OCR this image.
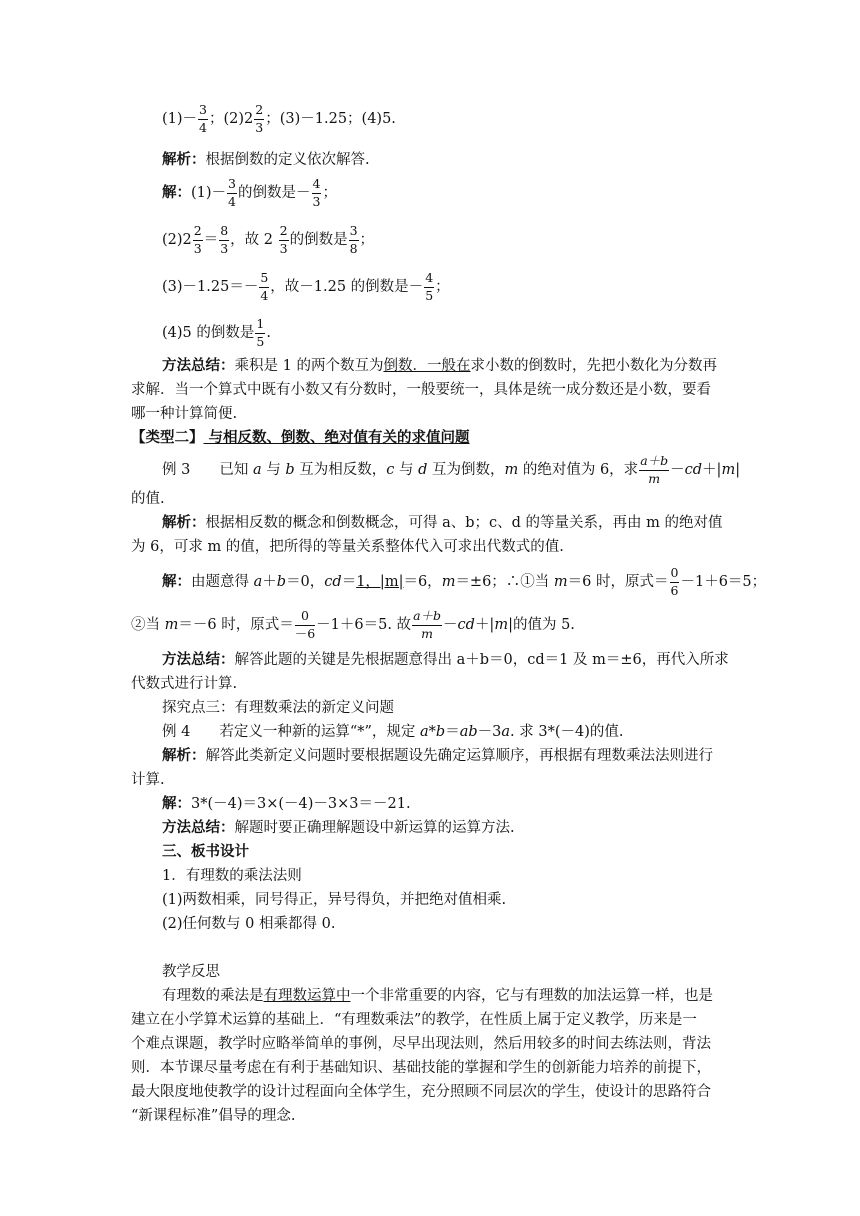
$(1)- \frac{3}{4}$ ；$(2)2 \frac{2}{3}$ ；(3)－1.25；(4)5.
解析：根据倒数的定义依次解答.
解：$(1)- \frac{3}{4}$ 的倒数是－ $\frac{4}{3}$ ；
$(2)2 \frac{2}{3} = \frac{8}{3}$ ，故 $2 \frac{2}{3}$ 的倒数是 $\frac{3}{8}$ ；
$(3)-1.25=- \frac{5}{4}$ ，故－1.25 的倒数是－ $\frac{4}{5}$ ；
(4)5 的倒数是 $\frac{1}{5}$ .
方法总结：乘积是 1 的两个数互为倒数．一般在求小数的倒数时，先把小数化为分数再
求解．当一个算式中既有小数又有分数时，一般要统一，具体是统一成分数还是小数，要看
哪一种计算简便.
【类型二】 与相反数、倒数、绝对值有关的求值问题
例 3　　已知 a 与 b 互为相反数，c 与 d 互为倒数，m 的绝对值为 6，求 $\frac{a+b}{m} -cd+|m|$
的值.
解析：根据相反数的概念和倒数概念，可得 a、b；c、d 的等量关系，再由 m 的绝对值
为 6，可求 m 的值，把所得的等量关系整体代入可求出代数式的值.
解：由题意得 a＋b＝0，cd＝1，|m|＝6，m＝±6；∴①当 m＝6 时，原式＝ $\frac{0}{6} -1+6=5$；
②当 m＝－6 时，原式＝ $\frac{0}{-6} -1+6=5$. 故 $\frac{a+b}{m} -cd+|m|$的值为 5.
方法总结：解答此题的关键是先根据题意得出 a＋b＝0，cd＝1 及 m＝±6，再代入所求
代数式进行计算.
探究点三：有理数乘法的新定义问题
例 4　　若定义一种新的运算“*”，规定 a*b＝ab－3a. 求 3*(－4)的值.
解析：解答此类新定义问题时要根据题设先确定运算顺序，再根据有理数乘法法则进行
计算.
解：3*(－4)＝3×(－4)－3×3＝－21.
方法总结：解题时要正确理解题设中新运算的运算方法.
三、板书设计
1．有理数的乘法法则
(1)两数相乘，同号得正，异号得负，并把绝对值相乘.
(2)任何数与 0 相乘都得 0.
教学反思
有理数的乘法是有理数运算中一个非常重要的内容，它与有理数的加法运算一样，也是
建立在小学算术运算的基础上．“有理数乘法”的教学，在性质上属于定义教学，历来是一
个难点课题，教学时应略举简单的事例，尽早出现法则，然后用较多的时间去练法则，背法
则．本节课尽量考虑在有利于基础知识、基础技能的掌握和学生的创新能力培养的前提下，
最大限度地使教学的设计过程面向全体学生，充分照顾不同层次的学生，使设计的思路符合
“新课程标准”倡导的理念.
